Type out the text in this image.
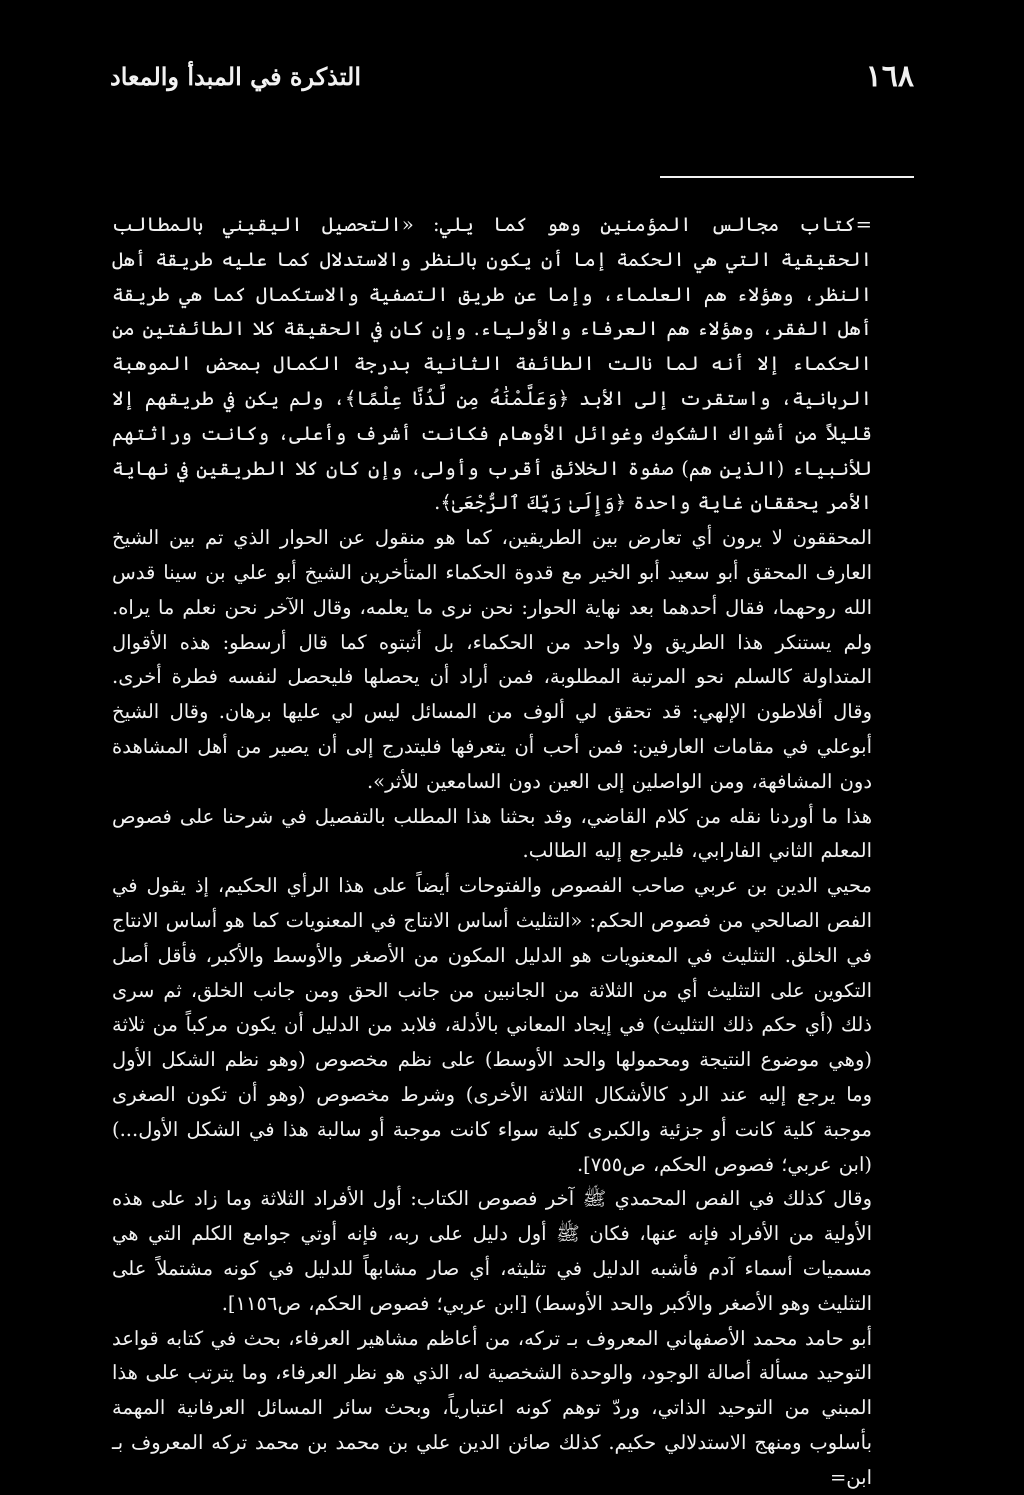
١٦٨
التذكرة في المبدأ والمعاد

=كتاب مجالس المؤمنين وهو كما يلي: «التحصيل اليقيني بالمطالب الحقيقية التي هي الحكمة إما أن يكون بالنظر والاستدلال كما عليه طريقة أهل النظر، وهؤلاء هم العلماء، وإما عن طريق التصفية والاستكمال كما هي طريقة أهل الفقر، وهؤلاء هم العرفاء والأولياء. وإن كان في الحقيقة كلا الطائفتين من الحكماء إلا أنه لما نالت الطائفة الثانية بدرجة الكمال بمحض الموهبة الربانية، واستقرت إلى الأبد ﴿وَعَلَّمْنَٰهُ مِن لَّدُنَّا عِلْمًا﴾، ولم يكن في طريقهم إلا قليلاً من أشواك الشكوك وغوائل الأوهام فكانت أشرف وأعلى، وكانت وراثتهم للأنبياء (الذين هم) صفوة الخلائق أقرب وأولى، وإن كان كلا الطريقين في نهاية الأمر يحققان غاية واحدة ﴿وَإِلَىٰ رَبِّكَ ٱلرُّجْعَىٰ﴾.

المحققون لا يرون أي تعارض بين الطريقين، كما هو منقول عن الحوار الذي تم بين الشيخ العارف المحقق أبو سعيد أبو الخير مع قدوة الحكماء المتأخرين الشيخ أبو علي بن سينا قدس الله روحهما، فقال أحدهما بعد نهاية الحوار: نحن نرى ما يعلمه، وقال الآخر نحن نعلم ما يراه. ولم يستنكر هذا الطريق ولا واحد من الحكماء، بل أثبتوه كما قال أرسطو: هذه الأقوال المتداولة كالسلم نحو المرتبة المطلوبة، فمن أراد أن يحصلها فليحصل لنفسه فطرة أخرى. وقال أفلاطون الإلهي: قد تحقق لي ألوف من المسائل ليس لي عليها برهان. وقال الشيخ أبوعلي في مقامات العارفين: فمن أحب أن يتعرفها فليتدرج إلى أن يصير من أهل المشاهدة دون المشافهة، ومن الواصلين إلى العين دون السامعين للأثر».

هذا ما أوردنا نقله من كلام القاضي، وقد بحثنا هذا المطلب بالتفصيل في شرحنا على فصوص المعلم الثاني الفارابي، فليرجع إليه الطالب.

محيي الدين بن عربي صاحب الفصوص والفتوحات أيضاً على هذا الرأي الحكيم، إذ يقول في الفص الصالحي من فصوص الحكم: «التثليث أساس الانتاج في المعنويات كما هو أساس الانتاج في الخلق. التثليث في المعنويات هو الدليل المكون من الأصغر والأوسط والأكبر، فأقل أصل التكوين على التثليث أي من الثلاثة من الجانبين من جانب الحق ومن جانب الخلق، ثم سرى ذلك (أي حكم ذلك التثليث) في إيجاد المعاني بالأدلة، فلابد من الدليل أن يكون مركباً من ثلاثة (وهي موضوع النتيجة ومحمولها والحد الأوسط) على نظم مخصوص (وهو نظم الشكل الأول وما يرجع إليه عند الرد كالأشكال الثلاثة الأخرى) وشرط مخصوص (وهو أن تكون الصغرى موجبة كلية كانت أو جزئية والكبرى كلية سواء كانت موجبة أو سالبة هذا في الشكل الأول...) (ابن عربي؛ فصوص الحكم، ص٧٥٥].

وقال كذلك في الفص المحمدي ﷺ آخر فصوص الكتاب: أول الأفراد الثلاثة وما زاد على هذه الأولية من الأفراد فإنه عنها، فكان ﷺ أول دليل على ربه، فإنه أوتي جوامع الكلم التي هي مسميات أسماء آدم فأشبه الدليل في تثليثه، أي صار مشابهاً للدليل في كونه مشتملاً على التثليث وهو الأصغر والأكبر والحد الأوسط) [ابن عربي؛ فصوص الحكم، ص١١٥٦].

أبو حامد محمد الأصفهاني المعروف بـ تركه، من أعاظم مشاهير العرفاء، بحث في كتابه قواعد التوحيد مسألة أصالة الوجود، والوحدة الشخصية له، الذي هو نظر العرفاء، وما يترتب على هذا المبني من التوحيد الذاتي، وردّ توهم كونه اعتبارياً، وبحث سائر المسائل العرفانية المهمة بأسلوب ومنهج الاستدلالي حكيم. كذلك صائن الدين علي بن محمد بن محمد تركه المعروف بـ ابن=
